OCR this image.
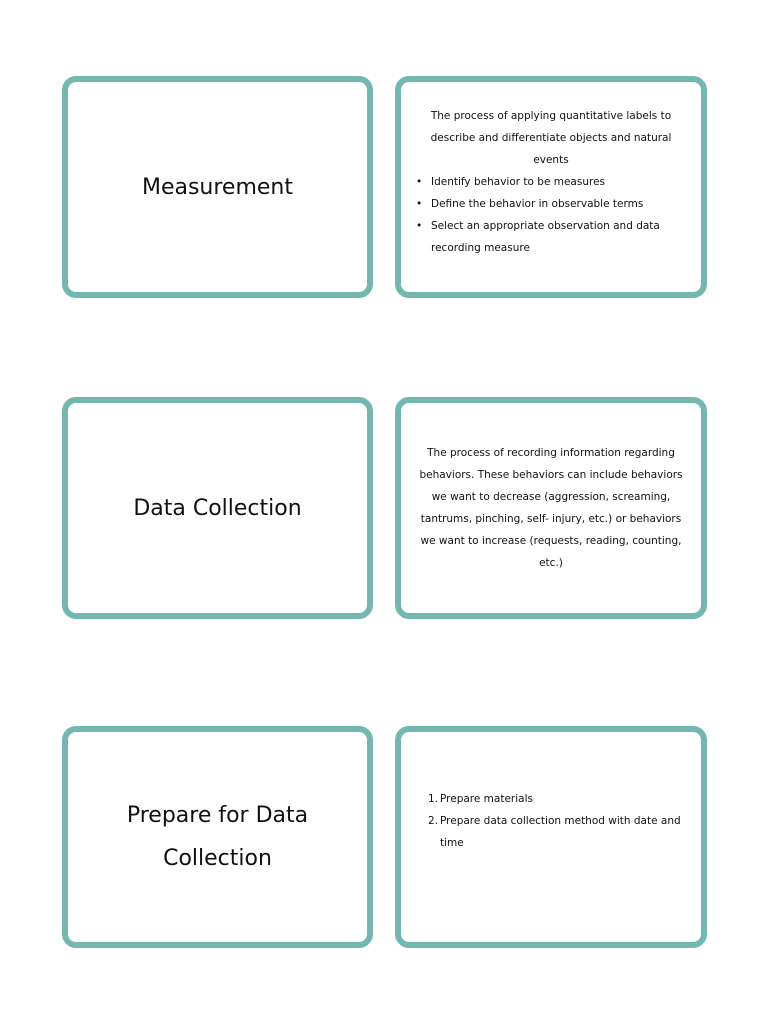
Measurement

The process of applying quantitative labels to describe and differentiate objects and natural events

• Identify behavior to be measures
• Define the behavior in observable terms
• Select an appropriate observation and data recording measure
Data Collection

The process of recording information regarding behaviors. These behaviors can include behaviors we want to decrease (aggression, screaming, tantrums, pinching, self- injury, etc.) or behaviors we want to increase (requests, reading, counting, etc.)

Prepare for Data Collection
1. Prepare materials
2. Prepare data collection method with date and time
